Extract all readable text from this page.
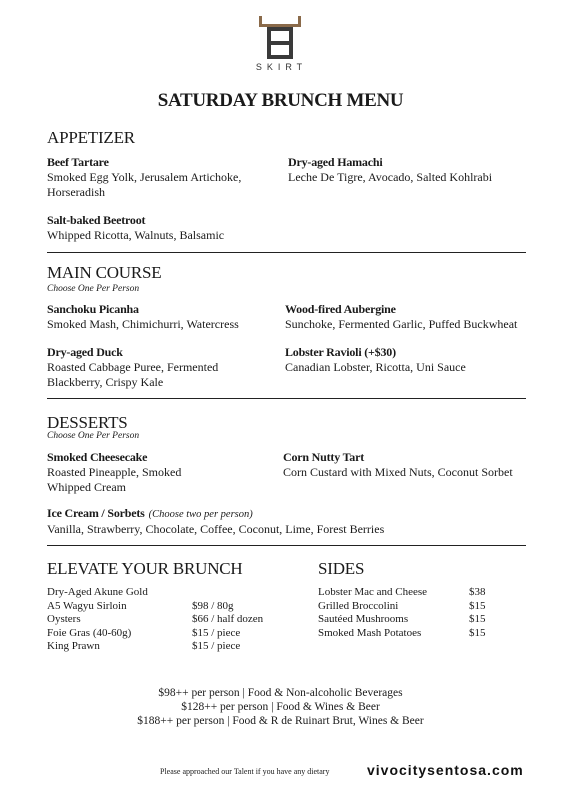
SKIRT
SATURDAY BRUNCH MENU
APPETIZER
Beef Tartare
Smoked Egg Yolk, Jerusalem Artichoke, Horseradish
Dry-aged Hamachi
Leche De Tigre, Avocado, Salted Kohlrabi
Salt-baked Beetroot
Whipped Ricotta, Walnuts, Balsamic
MAIN COURSE
Choose One Per Person
Sanchoku Picanha
Smoked Mash, Chimichurri, Watercress
Wood-fired Aubergine
Sunchoke, Fermented Garlic, Puffed Buckwheat
Dry-aged Duck
Roasted Cabbage Puree, Fermented Blackberry, Crispy Kale
Lobster Ravioli (+$30)
Canadian Lobster, Ricotta, Uni Sauce
DESSERTS
Choose One Per Person
Smoked Cheesecake
Roasted Pineapple, Smoked Whipped Cream
Corn Nutty Tart
Corn Custard with Mixed Nuts, Coconut Sorbet
Ice Cream / Sorbets (Choose two per person)
Vanilla, Strawberry, Chocolate, Coffee, Coconut, Lime, Forest Berries
ELEVATE YOUR BRUNCH
Dry-Aged Akune Gold
A5 Wagyu Sirloin	$98 / 80g
Oysters	$66 / half dozen
Foie Gras (40-60g)	$15 / piece
King Prawn	$15 / piece
SIDES
Lobster Mac and Cheese	$38
Grilled Broccolini	$15
Sautéed Mushrooms	$15
Smoked Mash Potatoes	$15
$98++ per person | Food & Non-alcoholic Beverages
$128++ per person | Food & Wines & Beer
$188++ per person | Food & R de Ruinart Brut, Wines & Beer
Please approached our Talent if you have any dietary	vivocitysentosa.com
